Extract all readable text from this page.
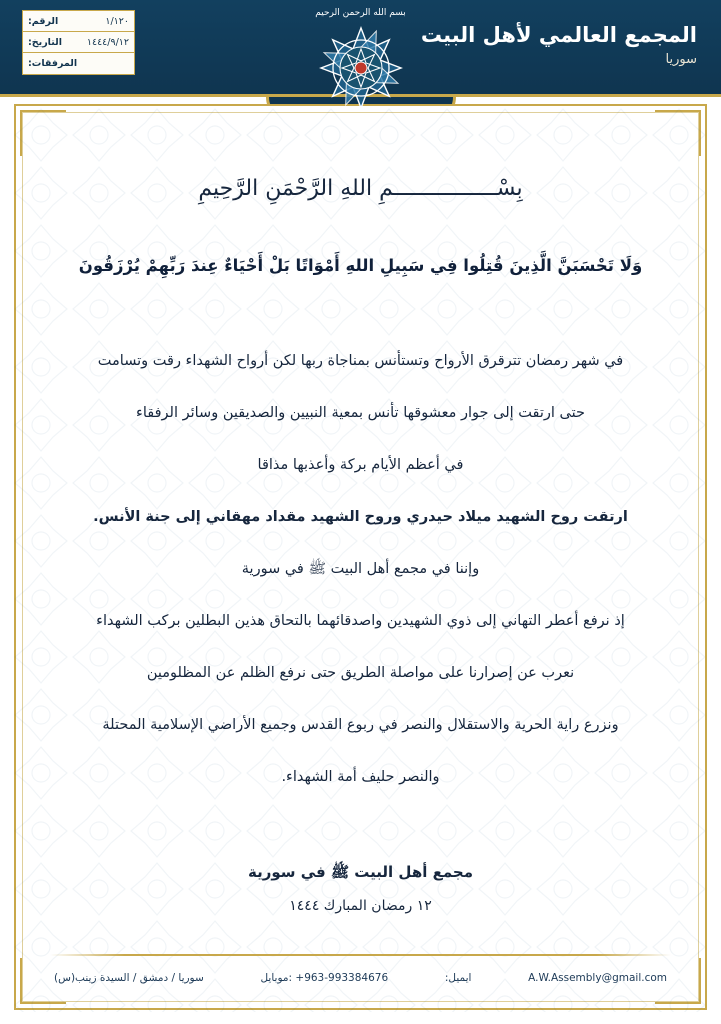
الرقم:	١/١٢٠
التاريخ:	١٤٤٤/٩/١٢
المرفقات:
المجمع العالمي لأهل البيت
سوريا
بسم الله الرحمن الرحيم
بِسْــــــــــــــــمِ اللهِ الرَّحْمَنِ الرَّحِيمِ
وَلَا تَحْسَبَنَّ الَّذِينَ قُتِلُوا فِي سَبِيلِ اللهِ أَمْوَاتًا بَلْ أَحْيَاءٌ عِندَ رَبِّهِمْ يُرْزَقُونَ
في شهر رمضان تترقرق الأرواح وتستأنس بمناجاة ربها لكن أرواح الشهداء رقت وتسامت
حتى ارتقت إلى جوار معشوقها تأنس بمعية النبيين والصديقين وسائر الرفقاء
في أعظم الأيام بركة وأعذبها مذاقا
ارتقت روح الشهيد ميلاد حيدري وروح الشهيد مقداد مهقاني إلى جنة الأنس.
وإننا في مجمع أهل البيت ﷺ في سورية
إذ نرفع أعطر التهاني إلى ذوي الشهيدين واصدقائهما بالتحاق هذين البطلين بركب الشهداء
نعرب عن إصرارنا على مواصلة الطريق حتى نرفع الظلم عن المظلومين
ونزرع راية الحرية والاستقلال والنصر في ربوع القدس وجميع الأراضي الإسلامية المحتلة
والنصر حليف أمة الشهداء.
مجمع أهل البيت ﷺ في سورية
١٢ رمضان المبارك ١٤٤٤
سوريا / دمشق / السيدة زينب(س)	موبايل: ‎+963-993384676	ايميل:	A.W.Assembly@gmail.com
